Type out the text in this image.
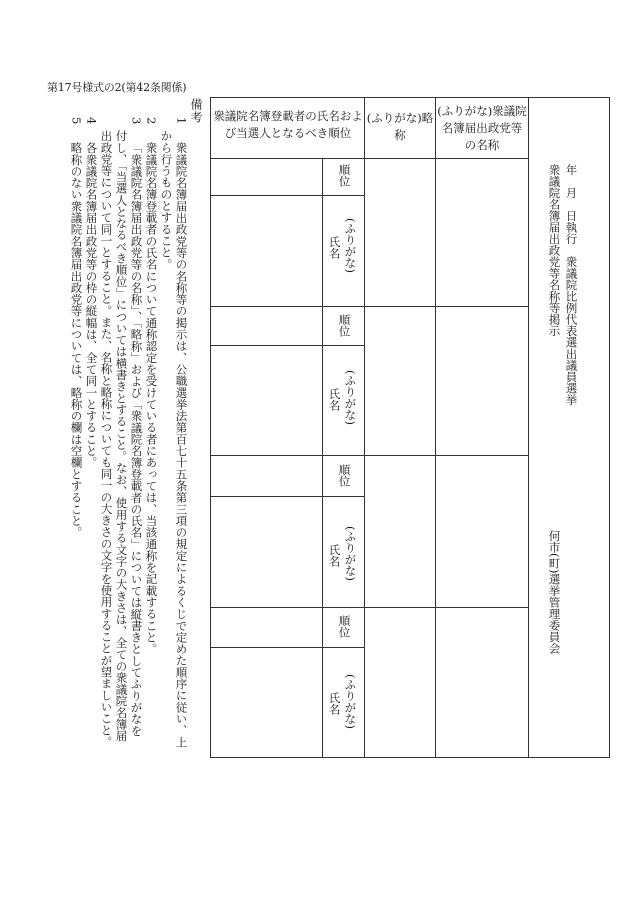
第17号様式の2(第42条関係)
備考
1
衆議院名簿届出政党等の名称等の掲示は、公職選挙法第百七十五条第三項の規定によるくじで定めた順序に従い、上
から行うものとすること。
2
衆議院名簿登載者の氏名について通称認定を受けている者にあっては、当該通称を記載すること。
3
「衆議院名簿届出政党等の名称」、「略称」および「衆議院名簿登載者の氏名」については縦書きとしてふりがなを
付し、「当選人となるべき順位」については横書きとすること。なお、使用する文字の大きさは、全ての衆議院名簿届
出政党等について同一とすること。また、名称と略称についても同一の大きさの文字を使用することが望ましいこと。
4
各衆議院名簿届出政党等の枠の縦幅は、全て同一とすること。
5
略称のない衆議院名簿届出政党等については、略称の欄は空欄とすること。
衆議院名簿登載者の氏名および当選人となるべき順位
(ふりがな)略称
(ふりがな)衆議院名簿届出政党等の名称
順位
(ふりがな)
氏名
順位
(ふりがな)
氏名
順位
(ふりがな)
氏名
順位
(ふりがな)
氏名
年　月　日執行　衆議院比例代表選出議員選挙
衆議院名簿届出政党等名称等掲示
何市(町)選挙管理委員会
